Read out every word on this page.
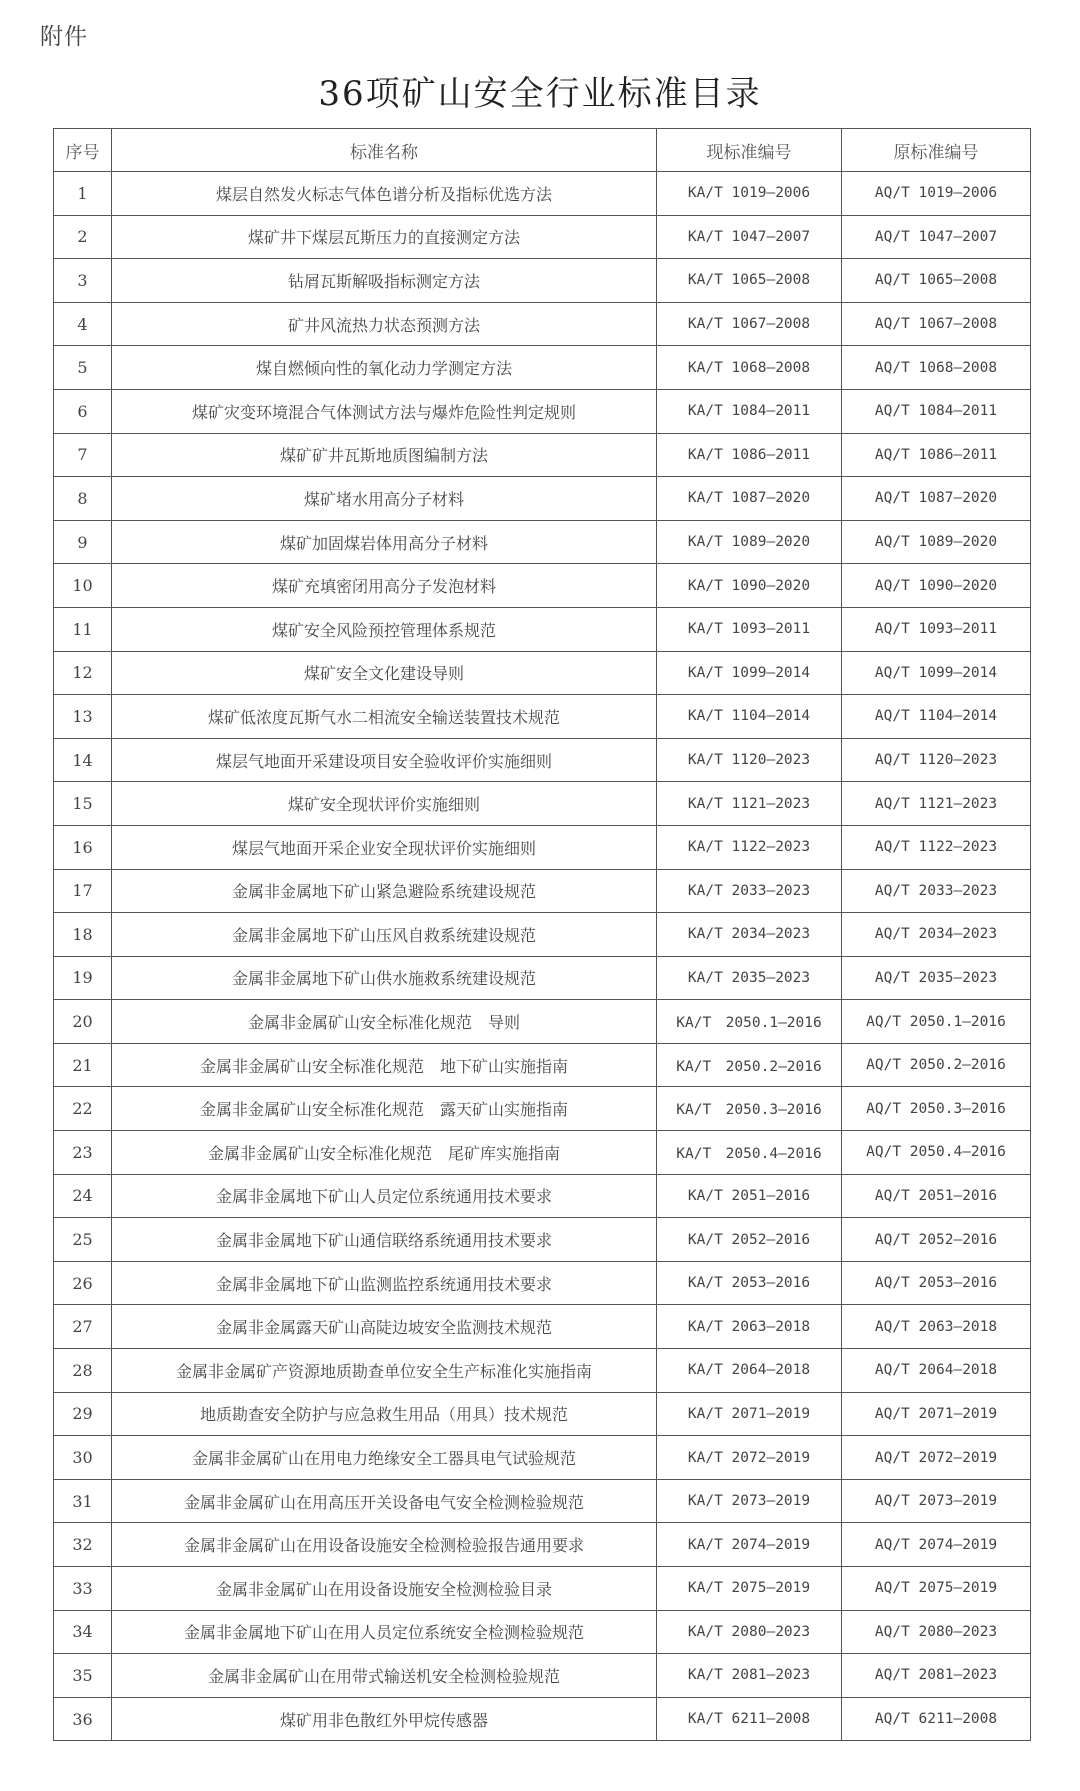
附件
36项矿山安全行业标准目录
序号	标准名称	现标准编号	原标准编号
1	煤层自然发火标志气体色谱分析及指标优选方法	KA/T 1019—2006	AQ/T 1019—2006
2	煤矿井下煤层瓦斯压力的直接测定方法	KA/T 1047—2007	AQ/T 1047—2007
3	钻屑瓦斯解吸指标测定方法	KA/T 1065—2008	AQ/T 1065—2008
4	矿井风流热力状态预测方法	KA/T 1067—2008	AQ/T 1067—2008
5	煤自燃倾向性的氧化动力学测定方法	KA/T 1068—2008	AQ/T 1068—2008
6	煤矿灾变环境混合气体测试方法与爆炸危险性判定规则	KA/T 1084—2011	AQ/T 1084—2011
7	煤矿矿井瓦斯地质图编制方法	KA/T 1086—2011	AQ/T 1086—2011
8	煤矿堵水用高分子材料	KA/T 1087—2020	AQ/T 1087—2020
9	煤矿加固煤岩体用高分子材料	KA/T 1089—2020	AQ/T 1089—2020
10	煤矿充填密闭用高分子发泡材料	KA/T 1090—2020	AQ/T 1090—2020
11	煤矿安全风险预控管理体系规范	KA/T 1093—2011	AQ/T 1093—2011
12	煤矿安全文化建设导则	KA/T 1099—2014	AQ/T 1099—2014
13	煤矿低浓度瓦斯气水二相流安全输送装置技术规范	KA/T 1104—2014	AQ/T 1104—2014
14	煤层气地面开采建设项目安全验收评价实施细则	KA/T 1120—2023	AQ/T 1120—2023
15	煤矿安全现状评价实施细则	KA/T 1121—2023	AQ/T 1121—2023
16	煤层气地面开采企业安全现状评价实施细则	KA/T 1122—2023	AQ/T 1122—2023
17	金属非金属地下矿山紧急避险系统建设规范	KA/T 2033—2023	AQ/T 2033—2023
18	金属非金属地下矿山压风自救系统建设规范	KA/T 2034—2023	AQ/T 2034—2023
19	金属非金属地下矿山供水施救系统建设规范	KA/T 2035—2023	AQ/T 2035—2023
20	金属非金属矿山安全标准化规范　导则	KA/T　2050.1—2016	AQ/T 2050.1—2016
21	金属非金属矿山安全标准化规范　地下矿山实施指南	KA/T　2050.2—2016	AQ/T 2050.2—2016
22	金属非金属矿山安全标准化规范　露天矿山实施指南	KA/T　2050.3—2016	AQ/T 2050.3—2016
23	金属非金属矿山安全标准化规范　尾矿库实施指南	KA/T　2050.4—2016	AQ/T 2050.4—2016
24	金属非金属地下矿山人员定位系统通用技术要求	KA/T 2051—2016	AQ/T 2051—2016
25	金属非金属地下矿山通信联络系统通用技术要求	KA/T 2052—2016	AQ/T 2052—2016
26	金属非金属地下矿山监测监控系统通用技术要求	KA/T 2053—2016	AQ/T 2053—2016
27	金属非金属露天矿山高陡边坡安全监测技术规范	KA/T 2063—2018	AQ/T 2063—2018
28	金属非金属矿产资源地质勘查单位安全生产标准化实施指南	KA/T 2064—2018	AQ/T 2064—2018
29	地质勘查安全防护与应急救生用品（用具）技术规范	KA/T 2071—2019	AQ/T 2071—2019
30	金属非金属矿山在用电力绝缘安全工器具电气试验规范	KA/T 2072—2019	AQ/T 2072—2019
31	金属非金属矿山在用高压开关设备电气安全检测检验规范	KA/T 2073—2019	AQ/T 2073—2019
32	金属非金属矿山在用设备设施安全检测检验报告通用要求	KA/T 2074—2019	AQ/T 2074—2019
33	金属非金属矿山在用设备设施安全检测检验目录	KA/T 2075—2019	AQ/T 2075—2019
34	金属非金属地下矿山在用人员定位系统安全检测检验规范	KA/T 2080—2023	AQ/T 2080—2023
35	金属非金属矿山在用带式输送机安全检测检验规范	KA/T 2081—2023	AQ/T 2081—2023
36	煤矿用非色散红外甲烷传感器	KA/T 6211—2008	AQ/T 6211—2008
